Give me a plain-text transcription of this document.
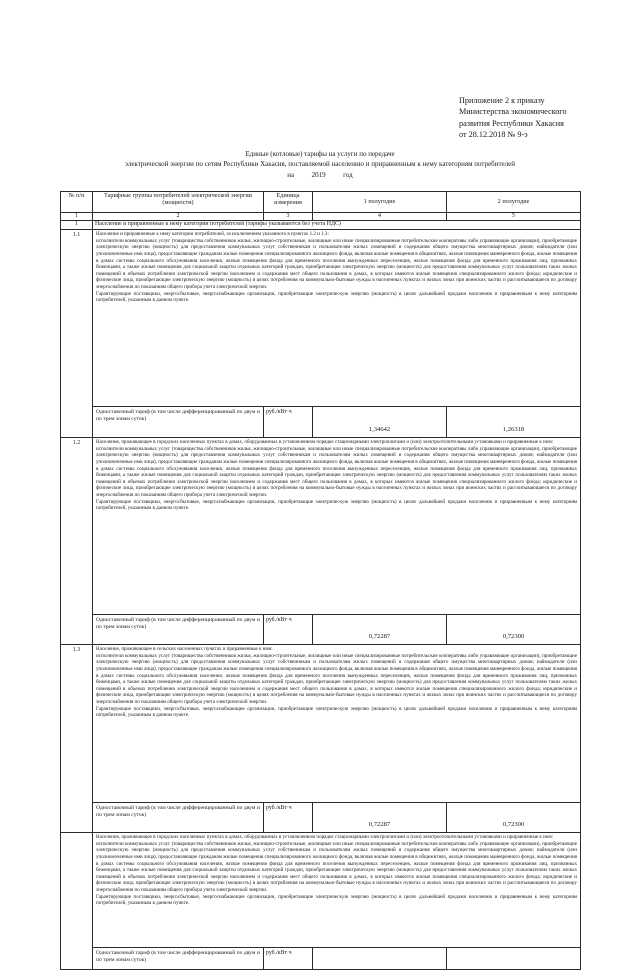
Приложение 2 к приказу
Министерства экономического
развития Республики Хакасия
от 28.12.2018 № 9-э
Единые (котловые) тарифы на услуги по передаче
электрической энергии по сетям Республики Хакасия, поставляемой населению и приравненным к нему категориям потребителей
на          2019          год
№ п/п	Тарифные группы потребителей электрической энергии (мощности)	Единица измерения	1 полугодие	2 полугодие
1	2	3	4	5
1	Население и приравненные к нему категории потребителей (тарифы указываются без учета НДС)			
1.1	Население и приравненные к нему категории потребителей, за исключением указанного в пунктах 1.2 и 1.3:

исполнители коммунальных услуг (товарищества собственников жилья, жилищно-строительные, жилищные или иные специализированные потребительские кооперативы либо управляющие организации), приобретающие электрическую энергию (мощность) для предоставления коммунальных услуг собственникам и пользователям жилых помещений и содержания общего имущества многоквартирных домов; наймодатели (или уполномоченные ими лица), предоставляющие гражданам жилые помещения специализированного жилищного фонда, включая жилые помещения в общежитиях, жилые помещения маневренного фонда, жилые помещения в домах системы социального обслуживания населения, жилые помещения фонда для временного поселения вынужденных переселенцев, жилые помещения фонда для временного проживания лиц, признанных беженцами, а также жилые помещения для социальной защиты отдельных категорий граждан, приобретающие электрическую энергию (мощность) для предоставления коммунальных услуг пользователям таких жилых помещений в объемах потребления электрической энергии населением и содержания мест общего пользования в домах, в которых имеются жилые помещения специализированного жилого фонда; юридические и физические лица, приобретающие электрическую энергию (мощность) в целях потребления на коммунально-бытовые нужды в населенных пунктах и жилых зонах при воинских частях и рассчитывающиеся по договору энергоснабжения по показаниям общего прибора учета электрической энергии.

Гарантирующие поставщики, энергосбытовые, энергоснабжающие организации, приобретающие электрическую энергию (мощность) в целях дальнейшей продажи населению и приравненным к нему категориям потребителей, указанным в данном пункте.			

	Одноставочный тариф (в том числе дифференцированный по двум и по трем зонам суток)	руб./кВт·ч	1,34642	1,26318
1.2	Население, проживающее в городских населенных пунктах в домах, оборудованных в установленном порядке стационарными электроплитами и (или) электроотопительными установками и приравненные к ним:

исполнители коммунальных услуг (товарищества собственников жилья, жилищно-строительные, жилищные или иные специализированные потребительские кооперативы либо управляющие организации), приобретающие электрическую энергию (мощность) для предоставления коммунальных услуг собственникам и пользователям жилых помещений и содержания общего имущества многоквартирных домов; наймодатели (или уполномоченные ими лица), предоставляющие гражданам жилые помещения специализированного жилищного фонда, включая жилые помещения в общежитиях, жилые помещения маневренного фонда, жилые помещения в домах системы социального обслуживания населения, жилые помещения фонда для временного поселения вынужденных переселенцев, жилые помещения фонда для временного проживания лиц, признанных беженцами, а также жилые помещения для социальной защиты отдельных категорий граждан, приобретающие электрическую энергию (мощность) для предоставления коммунальных услуг пользователям таких жилых помещений в объемах потребления электрической энергии населением и содержания мест общего пользования в домах, в которых имеются жилые помещения специализированного жилого фонда; юридические и физические лица, приобретающие электрическую энергию (мощность) в целях потребления на коммунально-бытовые нужды в населенных пунктах и жилых зонах при воинских частях и рассчитывающиеся по договору энергоснабжения по показаниям общего прибора учета электрической энергии.

Гарантирующие поставщики, энергосбытовые, энергоснабжающие организации, приобретающие электрическую энергию (мощность) в целях дальнейшей продажи населению и приравненным к нему категориям потребителей, указанным в данном пункте.			

	Одноставочный тариф (в том числе дифференцированный по двум и по трем зонам суток)	руб./кВт·ч	0,72287	0,72300
1.3	Население, проживающее в сельских населенных пунктах и приравненные к ним:

исполнители коммунальных услуг (товарищества собственников жилья, жилищно-строительные, жилищные или иные специализированные потребительские кооперативы либо управляющие организации), приобретающие электрическую энергию (мощность) для предоставления коммунальных услуг собственникам и пользователям жилых помещений и содержания общего имущества многоквартирных домов; наймодатели (или уполномоченные ими лица), предоставляющие гражданам жилые помещения специализированного жилищного фонда, включая жилые помещения в общежитиях, жилые помещения маневренного фонда, жилые помещения в домах системы социального обслуживания населения, жилые помещения фонда для временного поселения вынужденных переселенцев, жилые помещения фонда для временного проживания лиц, признанных беженцами, а также жилые помещения для социальной защиты отдельных категорий граждан, приобретающие электрическую энергию (мощность) для предоставления коммунальных услуг пользователям таких жилых помещений в объемах потребления электрической энергии населением и содержания мест общего пользования в домах, в которых имеются жилые помещения специализированного жилого фонда; юридические и физические лица, приобретающие электрическую энергию (мощность) в целях потребления на коммунально-бытовые нужды в населенных пунктах и жилых зонах при воинских частях и рассчитывающиеся по договору энергоснабжения по показаниям общего прибора учета электрической энергии.

Гарантирующие поставщики, энергосбытовые, энергоснабжающие организации, приобретающие электрическую энергию (мощность) в целях дальнейшей продажи населению и приравненным к нему категориям потребителей, указанным в данном пункте.			

	Одноставочный тариф (в том числе дифференцированный по двум и по трем зонам суток)	руб./кВт·ч	0,72287	0,72300

Население, проживающее в городских населенных пунктах в домах, оборудованных в установленном порядке стационарными электроплитами и (или) электроотопительными установками и приравненные к ним:

исполнители коммунальных услуг (товарищества собственников жилья, жилищно-строительные, жилищные или иные специализированные потребительские кооперативы либо управляющие организации), приобретающие электрическую энергию (мощность) для предоставления коммунальных услуг собственникам и пользователям жилых помещений и содержания общего имущества многоквартирных домов; наймодатели (или уполномоченные ими лица), предоставляющие гражданам жилые помещения специализированного жилищного фонда, включая жилые помещения в общежитиях, жилые помещения маневренного фонда, жилые помещения в домах системы социального обслуживания населения, жилые помещения фонда для временного поселения вынужденных переселенцев, жилые помещения фонда для временного проживания лиц, признанных беженцами, а также жилые помещения для социальной защиты отдельных категорий граждан, приобретающие электрическую энергию (мощность) для предоставления коммунальных услуг пользователям таких жилых помещений в объемах потребления электрической энергии населением и содержания мест общего пользования в домах, в которых имеются жилые помещения специализированного жилого фонда; юридические и физические лица, приобретающие электрическую энергию (мощность) в целях потребления на коммунально-бытовые нужды в населенных пунктах и жилых зонах при воинских частях и рассчитывающиеся по договору энергоснабжения по показаниям общего прибора учета электрической энергии.

Гарантирующие поставщики, энергосбытовые, энергоснабжающие организации, приобретающие электрическую энергию (мощность) в целях дальнейшей продажи населению и приравненным к нему категориям потребителей, указанным в данном пункте.			

	Одноставочный тариф (в том числе дифференцированный по двум и по трем зонам суток)	руб./кВт·ч		
